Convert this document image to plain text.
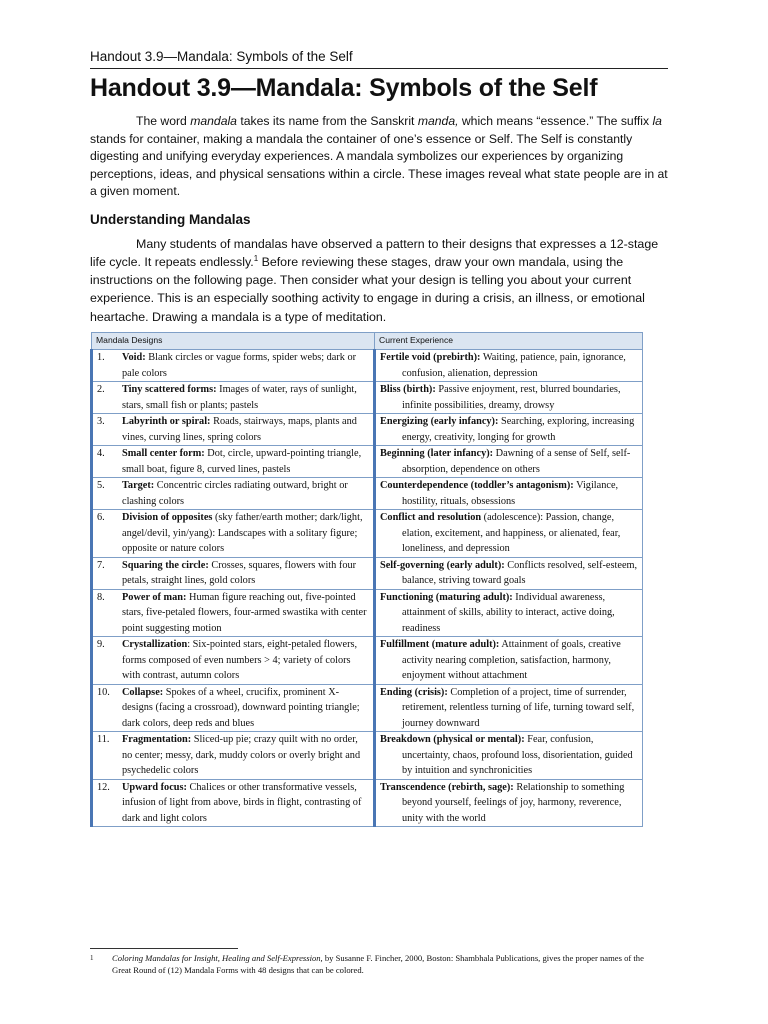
Handout 3.9—Mandala: Symbols of the Self
Handout 3.9—Mandala: Symbols of the Self

The word mandala takes its name from the Sanskrit manda, which means “essence.” The suffix la stands for container, making a mandala the container of one’s essence or Self. The Self is constantly digesting and unifying everyday experiences. A mandala symbolizes our experiences by organizing perceptions, ideas, and physical sensations within a circle. These images reveal what state people are in at a given moment.

Understanding Mandalas

Many students of mandalas have observed a pattern to their designs that expresses a 12-stage life cycle. It repeats endlessly.$^1$ Before reviewing these stages, draw your own mandala, using the instructions on the following page. Then consider what your design is telling you about your current experience. This is an especially soothing activity to engage in during a crisis, an illness, or emotional heartache. Drawing a mandala is a type of meditation.

Mandala Designs	Current Experience

1. Void: Blank circles or vague forms, spider webs; dark or pale colors	Fertile void (prebirth): Waiting, patience, pain, ignorance, confusion, alienation, depression

2. Tiny scattered forms: Images of water, rays of sunlight, stars, small fish or plants; pastels	Bliss (birth): Passive enjoyment, rest, blurred boundaries, infinite possibilities, dreamy, drowsy

3. Labyrinth or spiral: Roads, stairways, maps, plants and vines, curving lines, spring colors	Energizing (early infancy): Searching, exploring, increasing energy, creativity, longing for growth

4. Small center form: Dot, circle, upward-pointing triangle, small boat, figure 8, curved lines, pastels	Beginning (later infancy): Dawning of a sense of Self, self-absorption, dependence on others

5. Target: Concentric circles radiating outward, bright or clashing colors	Counterdependence (toddler’s antagonism): Vigilance, hostility, rituals, obsessions

6. Division of opposites (sky father/earth mother; dark/light, angel/devil, yin/yang): Landscapes with a solitary figure; opposite or nature colors	Conflict and resolution (adolescence): Passion, change, elation, excitement, and happiness, or alienated, fear, loneliness, and depression

7. Squaring the circle: Crosses, squares, flowers with four petals, straight lines, gold colors	Self-governing (early adult): Conflicts resolved, self-esteem, balance, striving toward goals

8. Power of man: Human figure reaching out, five-pointed stars, five-petaled flowers, four-armed swastika with center point suggesting motion	Functioning (maturing adult): Individual awareness, attainment of skills, ability to interact, active doing, readiness

9. Crystallization: Six-pointed stars, eight-petaled flowers, forms composed of even numbers > 4; variety of colors with contrast, autumn colors	Fulfillment (mature adult): Attainment of goals, creative activity nearing completion, satisfaction, harmony, enjoyment without attachment

10. Collapse: Spokes of a wheel, crucifix, prominent X-designs (facing a crossroad), downward pointing triangle; dark colors, deep reds and blues	Ending (crisis): Completion of a project, time of surrender, retirement, relentless turning of life, turning toward self, journey downward

11. Fragmentation: Sliced-up pie; crazy quilt with no order, no center; messy, dark, muddy colors or overly bright and psychedelic colors	Breakdown (physical or mental): Fear, confusion, uncertainty, chaos, profound loss, disorientation, guided by intuition and synchronicities

12. Upward focus: Chalices or other transformative vessels, infusion of light from above, birds in flight, contrasting of dark and light colors	Transcendence (rebirth, sage): Relationship to something beyond yourself, feelings of joy, harmony, reverence, unity with the world
1 Coloring Mandalas for Insight, Healing and Self-Expression, by Susanne F. Fincher, 2000, Boston: Shambhala Publications, gives the proper names of the Great Round of (12) Mandala Forms with 48 designs that can be colored.
